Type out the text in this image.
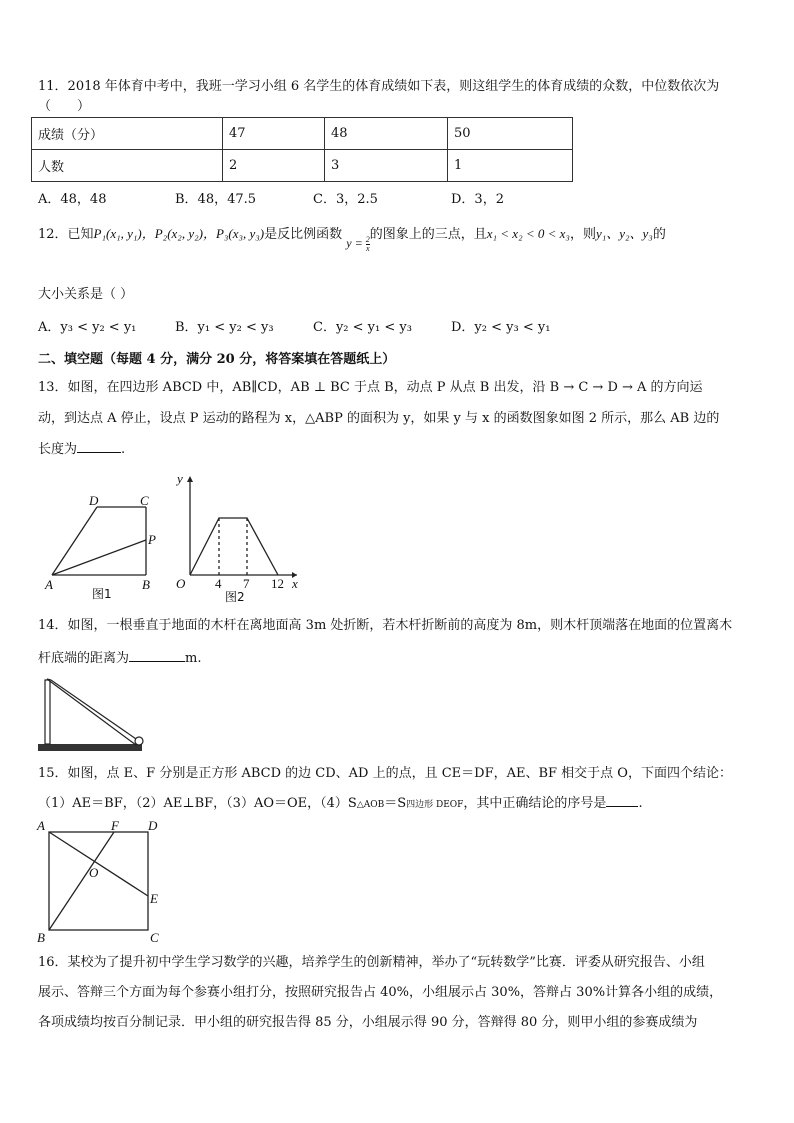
11．2018 年体育中考中，我班一学习小组 6 名学生的体育成绩如下表，则这组学生的体育成绩的众数，中位数依次为
（　　）
成绩（分）	47	48	50
人数	2	3	1
A．48，48	B．48，47.5	C．3，2.5	D．3，2
12．已知P₁(x₁, y₁)，P₂(x₂, y₂)，P₃(x₃, y₃)是反比例函数 $y = \frac{2}{x}$
的图象上的三点，且x₁ < x₂ < 0 < x₃，则y₁、y₂、y₃的
大小关系是（ ）
A．y₃ < y₂ < y₁	B．y₁ < y₂ < y₃	C．y₂ < y₁ < y₃	D．y₂ < y₃ < y₁
二、填空题（每题 4 分，满分 20 分，将答案填在答题纸上）
13．如图，在四边形 ABCD 中，AB∥CD，AB ⊥ BC 于点 B，动点 P 从点 B 出发，沿 B → C → D → A 的方向运
动，到达点 A 停止，设点 P 运动的路程为 x，△ABP 的面积为 y，如果 y 与 x 的函数图象如图 2 所示，那么 AB 边的
长度为	.
D	C
P
A	B
图1
y
x
O 4 7 12
图2
A	F D
O
E
B	C
14．如图，一根垂直于地面的木杆在离地面高 3m 处折断，若木杆折断前的高度为 8m，则木杆顶端落在地面的位置离木
杆底端的距离为	m.
15．如图，点 E、F 分别是正方形 ABCD 的边 CD、AD 上的点，且 CE＝DF，AE、BF 相交于点 O，下面四个结论：
（1）AE＝BF，（2）AE⊥BF，（3）AO＝OE，（4）S△AOB＝S四边形 DEOF，其中正确结论的序号是 .
16．某校为了提升初中学生学习数学的兴趣，培养学生的创新精神，举办了“玩转数学”比赛．评委从研究报告、小组
展示、答辩三个方面为每个参赛小组打分，按照研究报告占 40%，小组展示占 30%，答辩占 30%计算各小组的成绩，
各项成绩均按百分制记录．甲小组的研究报告得 85 分，小组展示得 90 分，答辩得 80 分，则甲小组的参赛成绩为
